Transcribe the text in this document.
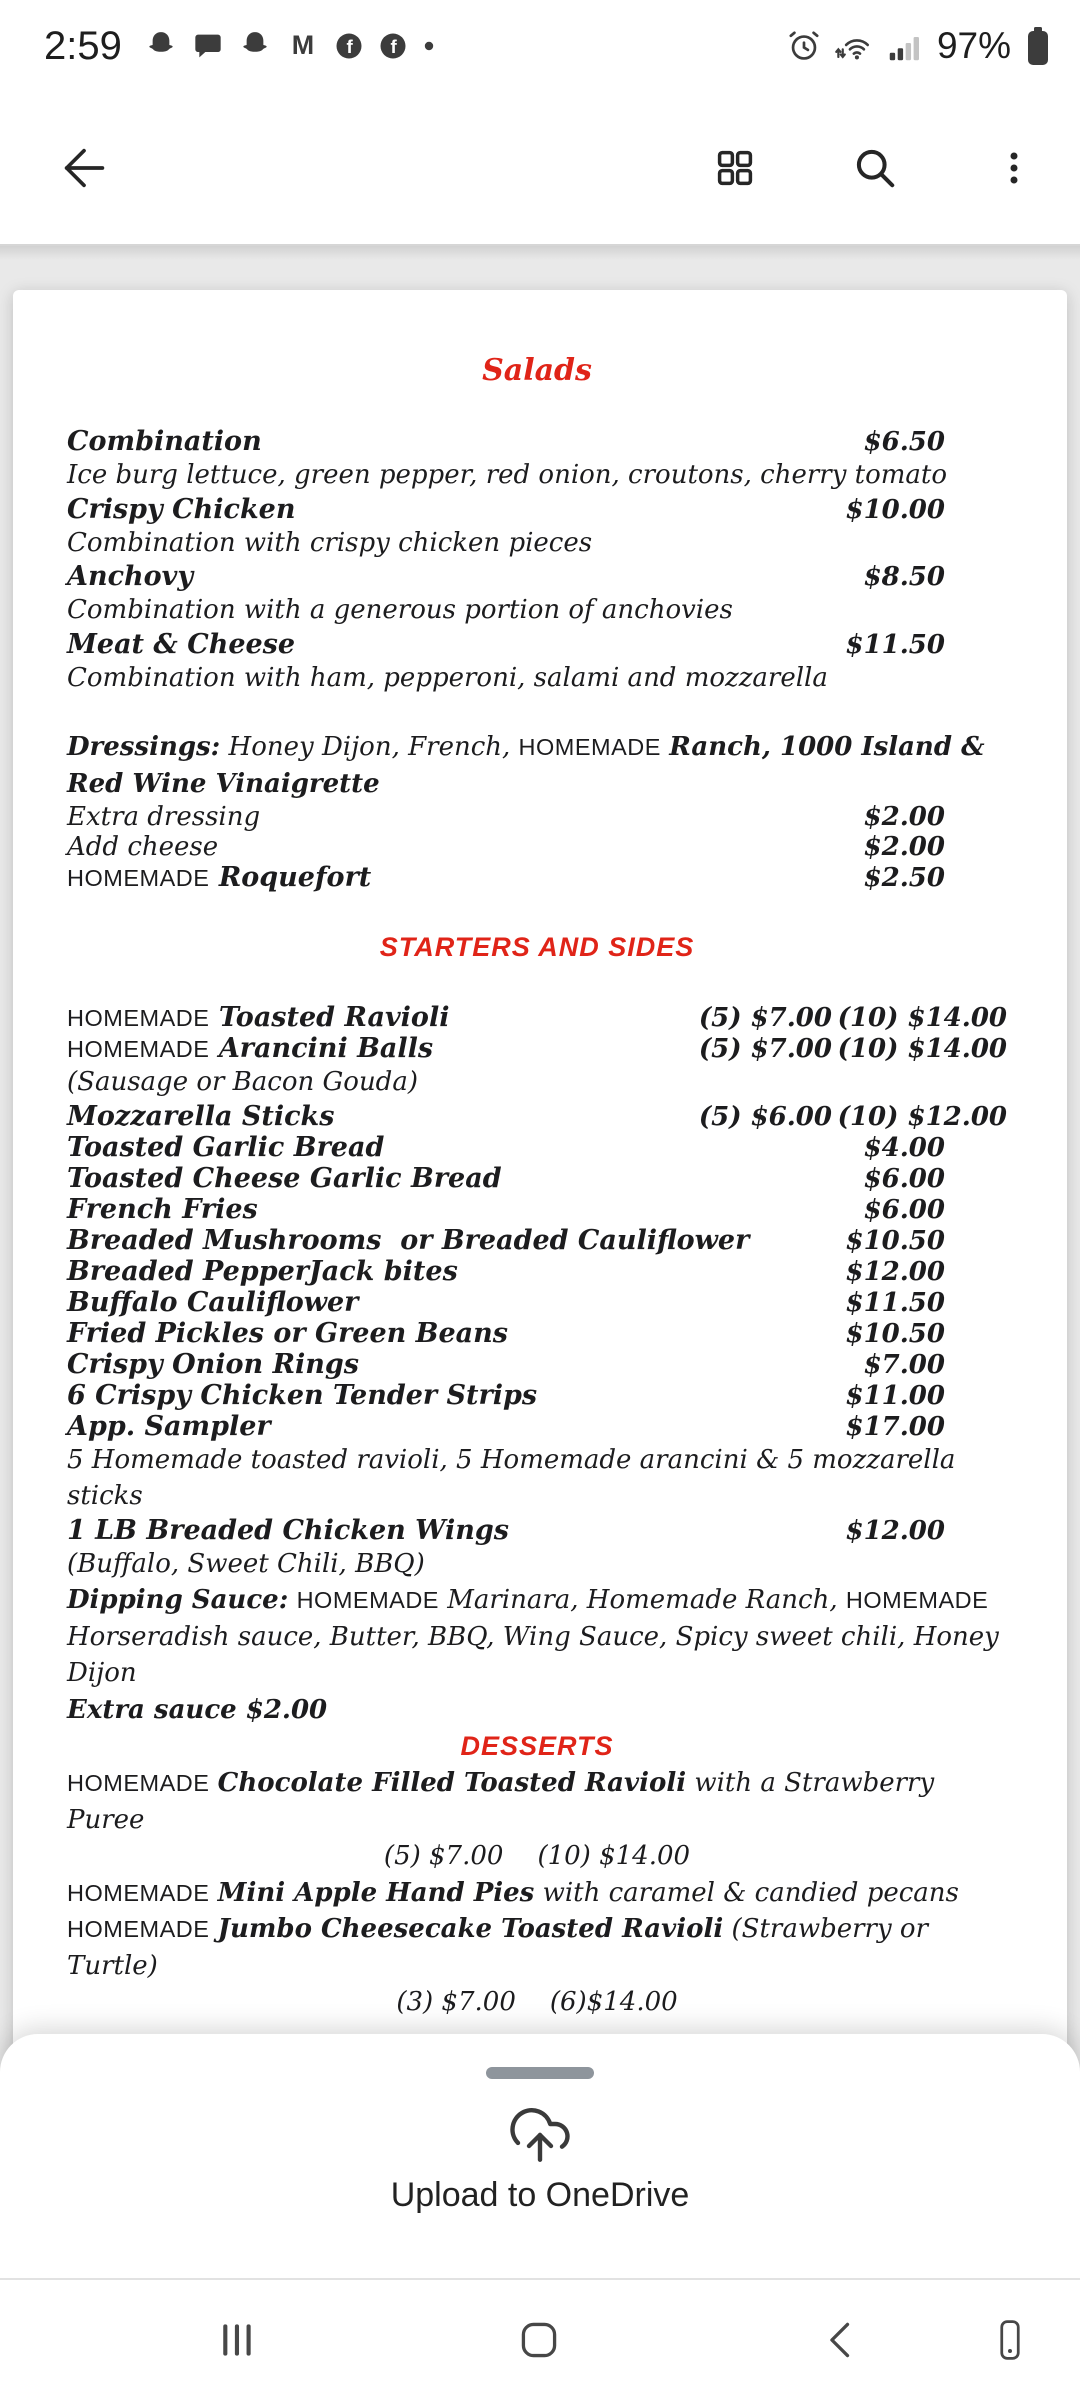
2:59	M f	f	97%
Salads
Combination	$6.50
Ice burg lettuce, green pepper, red onion, croutons, cherry tomato
Crispy Chicken	$10.00
Combination with crispy chicken pieces
Anchovy	$8.50
Combination with a generous portion of anchovies
Meat & Cheese	$11.50
Combination with ham, pepperoni, salami and mozzarella
Dressings: Honey Dijon, French, HOMEMADE Ranch, 1000 Island &
Red Wine Vinaigrette
Extra dressing	$2.00
Add cheese	$2.00
HOMEMADE Roquefort	$2.50
STARTERS AND SIDES
HOMEMADE Toasted Ravioli	(5) $7.00 (10) $14.00
HOMEMADE Arancini Balls	(5) $7.00 (10) $14.00
(Sausage or Bacon Gouda)
Mozzarella Sticks	(5) $6.00 (10) $12.00
Toasted Garlic Bread	$4.00
Toasted Cheese Garlic Bread	$6.00
French Fries	$6.00
Breaded Mushrooms  or Breaded Cauliflower	$10.50
Breaded PepperJack bites	$12.00
Buffalo Cauliflower	$11.50
Fried Pickles or Green Beans	$10.50
Crispy Onion Rings	$7.00
6 Crispy Chicken Tender Strips	$11.00
App. Sampler	$17.00
5 Homemade toasted ravioli, 5 Homemade arancini & 5 mozzarella sticks
1 LB Breaded Chicken Wings	$12.00
(Buffalo, Sweet Chili, BBQ)
Dipping Sauce: HOMEMADE Marinara, Homemade Ranch, HOMEMADE
Horseradish sauce, Butter, BBQ, Wing Sauce, Spicy sweet chili, Honey Dijon
Extra sauce $2.00
DESSERTS
HOMEMADE Chocolate Filled Toasted Ravioli with a Strawberry Puree
(5) $7.00 (10) $14.00
HOMEMADE Mini Apple Hand Pies with caramel & candied pecans
HOMEMADE Jumbo Cheesecake Toasted Ravioli (Strawberry or Turtle)
(3) $7.00 (6)$14.00
Upload to OneDrive
